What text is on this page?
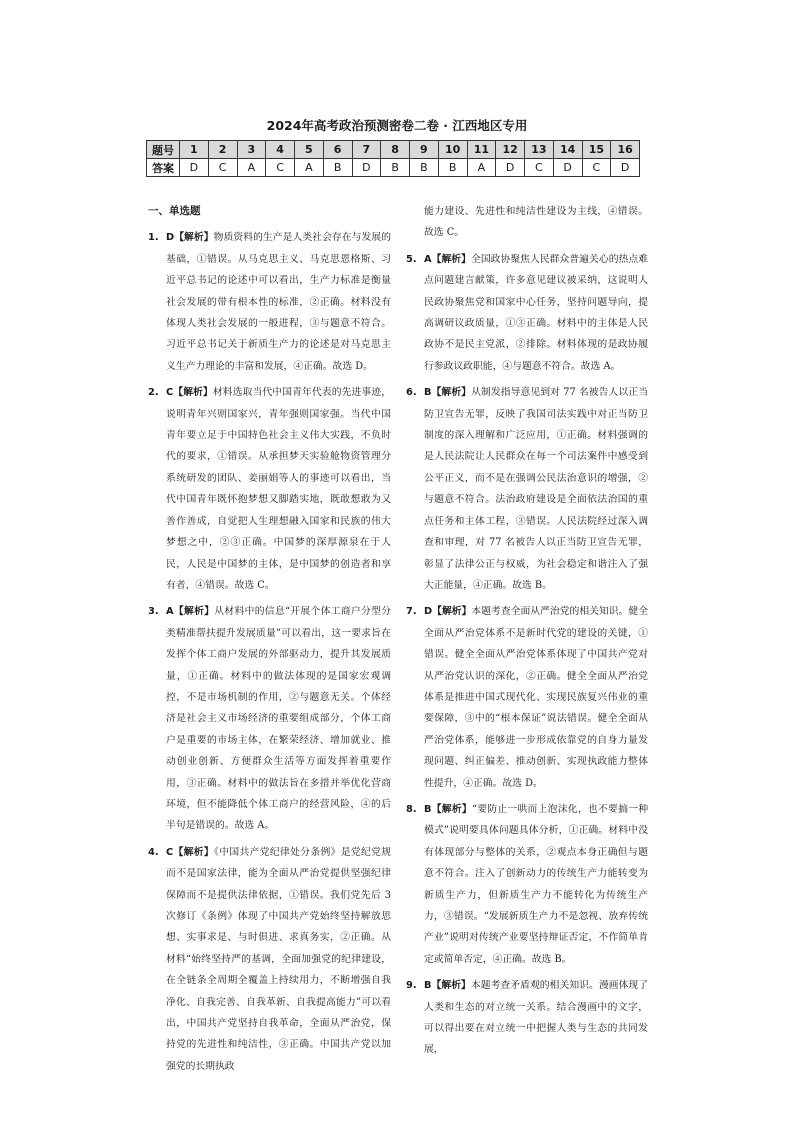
2024年高考政治预测密卷二卷 · 江西地区专用
题号	1	2	3	4	5	6	7	8	9	10	11	12	13	14	15	16
答案	D	C	A	C	A	B	D	B	B	B	A	D	C	D	C	D
一、单选题
1. D【解析】物质资料的生产是人类社会存在与发展的基础，①错误。从马克思主义、马克思恩格斯、习近平总书记的论述中可以看出，生产力标准是衡量社会发展的带有根本性的标准，②正确。材料没有体现人类社会发展的一般进程，③与题意不符合。习近平总书记关于新质生产力的论述是对马克思主义生产力理论的丰富和发展，④正确。故选 D。
2. C【解析】材料选取当代中国青年代表的先进事迹，说明青年兴则国家兴，青年强则国家强。当代中国青年要立足于中国特色社会主义伟大实践，不负时代的要求，①错误。从承担梦天实验舱物资管理分系统研发的团队、姜丽娟等人的事迹可以看出，当代中国青年既怀抱梦想又脚踏实地，既敢想敢为又善作善成，自觉把人生理想融入国家和民族的伟大梦想之中，②③正确。中国梦的深厚源泉在于人民，人民是中国梦的主体，是中国梦的创造者和享有者，④错误。故选 C。
3. A【解析】从材料中的信息“开展个体工商户分型分类精准帮扶提升发展质量”可以看出，这一要求旨在发挥个体工商户发展的外部驱动力，提升其发展质量，①正确。材料中的做法体现的是国家宏观调控，不是市场机制的作用，②与题意无关。个体经济是社会主义市场经济的重要组成部分，个体工商户是重要的市场主体，在繁荣经济、增加就业、推动创业创新、方便群众生活等方面发挥着重要作用，③正确。材料中的做法旨在多措并举优化营商环境，但不能降低个体工商户的经营风险，④的后半句是错误的。故选 A。
4. C【解析】《中国共产党纪律处分条例》是党纪党规而不是国家法律，能为全面从严治党提供坚强纪律保障而不是提供法律依据，①错误。我们党先后 3 次修订《条例》体现了中国共产党始终坚持解放思想、实事求是、与时俱进、求真务实，②正确。从材料“始终坚持严的基调，全面加强党的纪律建设，在全链条全周期全覆盖上持续用力，不断增强自我净化、自我完善、自我革新、自我提高能力”可以看出，中国共产党坚持自我革命，全面从严治党，保持党的先进性和纯洁性，③正确。中国共产党以加强党的长期执政
能力建设、先进性和纯洁性建设为主线，④错误。故选 C。
5. A【解析】全国政协聚焦人民群众普遍关心的热点难点问题建言献策，许多意见建议被采纳，这说明人民政协聚焦党和国家中心任务，坚持问题导向，提高调研议政质量，①③正确。材料中的主体是人民政协不是民主党派，②排除。材料体现的是政协履行参政议政职能，④与题意不符合。故选 A。
6. B【解析】从制发指导意见到对 77 名被告人以正当防卫宣告无罪，反映了我国司法实践中对正当防卫制度的深入理解和广泛应用，①正确。材料强调的是人民法院让人民群众在每一个司法案件中感受到公平正义，而不是在强调公民法治意识的增强，②与题意不符合。法治政府建设是全面依法治国的重点任务和主体工程，③错误。人民法院经过深入调查和审理，对 77 名被告人以正当防卫宣告无罪，彰显了法律公正与权威，为社会稳定和谐注入了强大正能量，④正确。故选 B。
7. D【解析】本题考查全面从严治党的相关知识。健全全面从严治党体系不是新时代党的建设的关键，①错误。健全全面从严治党体系体现了中国共产党对从严治党认识的深化，②正确。健全全面从严治党体系是推进中国式现代化、实现民族复兴伟业的重要保障，③中的“根本保证”说法错误。健全全面从严治党体系，能够进一步形成依靠党的自身力量发现问题、纠正偏差、推动创新、实现执政能力整体性提升，④正确。故选 D。
8. B【解析】“要防止一哄而上泡沫化，也不要搞一种模式”说明要具体问题具体分析，①正确。材料中没有体现部分与整体的关系，②观点本身正确但与题意不符合。注入了创新动力的传统生产力能转变为新质生产力，但新质生产力不能转化为传统生产力，③错误。“发展新质生产力不是忽视、放弃传统产业”说明对传统产业要坚持辩证否定，不作简单肯定或简单否定，④正确。故选 B。
9. B【解析】本题考查矛盾观的相关知识。漫画体现了人类和生态的对立统一关系。结合漫画中的文字，可以得出要在对立统一中把握人类与生态的共同发展，
